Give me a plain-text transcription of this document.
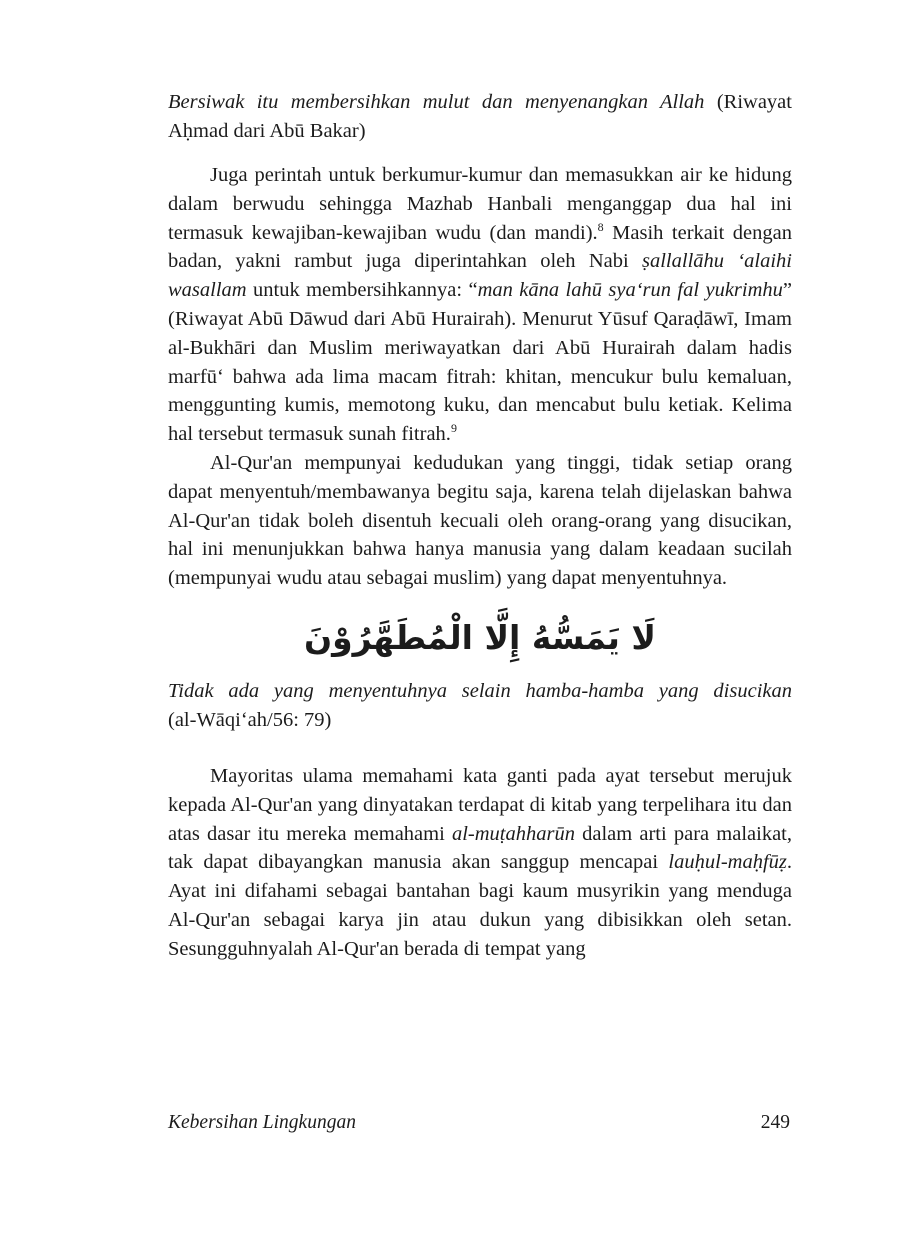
Bersiwak itu membersihkan mulut dan menyenangkan Allah (Riwayat Aḥmad dari Abū Bakar)

Juga perintah untuk berkumur-kumur dan memasukkan air ke hidung dalam berwudu sehingga Mazhab Hanbali menganggap dua hal ini termasuk kewajiban-kewajiban wudu (dan mandi).$^8$ Masih terkait dengan badan, yakni rambut juga diperintahkan oleh Nabi ṣallallāhu ‘alaihi wasallam untuk membersihkannya: “man kāna lahū sya‘run fal yukrimhu” (Riwayat Abū Dāwud dari Abū Hurairah). Menurut Yūsuf Qaraḍāwī, Imam al-Bukhāri dan Muslim meriwayatkan dari Abū Hurairah dalam hadis marfū‘ bahwa ada lima macam fitrah: khitan, mencukur bulu kemaluan, menggunting kumis, memotong kuku, dan mencabut bulu ketiak. Kelima hal tersebut termasuk sunah fitrah.$^9$

Al-Qur'an mempunyai kedudukan yang tinggi, tidak setiap orang dapat menyentuh/membawanya begitu saja, karena telah dijelaskan bahwa Al-Qur'an tidak boleh disentuh kecuali oleh orang-orang yang disucikan, hal ini menunjukkan bahwa hanya manusia yang dalam keadaan sucilah (mempunyai wudu atau sebagai muslim) yang dapat menyentuhnya.

لَا يَمَسُّهُ إِلَّا الْمُطَهَّرُوْنَ
Tidak ada yang menyentuhnya selain hamba-hamba yang disucikan
(al-Wāqi‘ah/56: 79)

Mayoritas ulama memahami kata ganti pada ayat tersebut merujuk kepada Al-Qur'an yang dinyatakan terdapat di kitab yang terpelihara itu dan atas dasar itu mereka memahami al-muṭahharūn dalam arti para malaikat, tak dapat dibayangkan manusia akan sanggup mencapai lauḥul-maḥfūẓ. Ayat ini difahami sebagai bantahan bagi kaum musyrikin yang menduga Al-Qur'an sebagai karya jin atau dukun yang dibisikkan oleh setan. Sesungguhnyalah Al-Qur'an berada di tempat yang

Kebersihan Lingkungan	249
